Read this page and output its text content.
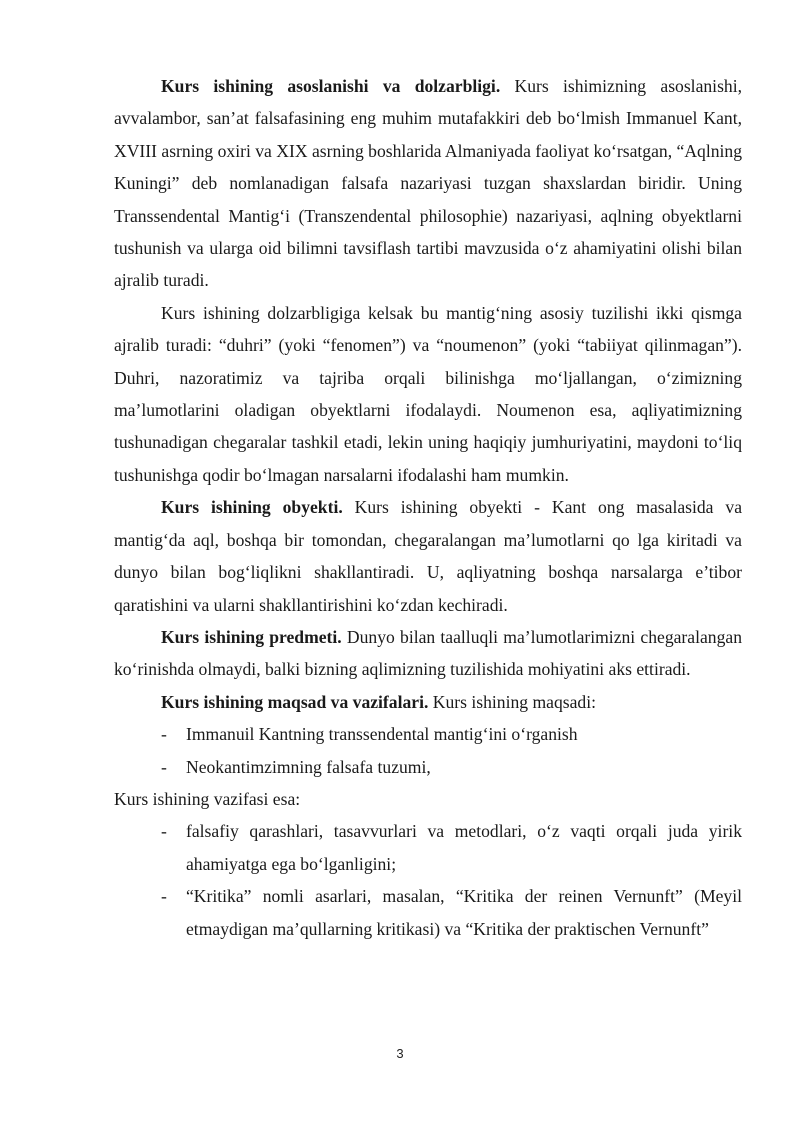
Kurs ishining asoslanishi va dolzarbligi. Kurs ishimizning asoslanishi, avvalambor, san’at falsafasining eng muhim mutafakkiri deb bo‘lmish Immanuel Kant, XVIII asrning oxiri va XIX asrning boshlarida Almaniyada faoliyat ko‘rsatgan, “Aqlning Kuningi” deb nomlanadigan falsafa nazariyasi tuzgan shaxslardan biridir. Uning Transsendental Mantig‘i (Transzendental philosophie) nazariyasi, aqlning obyektlarni tushunish va ularga oid bilimni tavsiflash tartibi mavzusida o‘z ahamiyatini olishi bilan ajralib turadi.

Kurs ishining dolzarbligiga kelsak bu mantig‘ning asosiy tuzilishi ikki qismga ajralib turadi: “duhri” (yoki “fenomen”) va “noumenon” (yoki “tabiiyat qilinmagan”). Duhri, nazoratimiz va tajriba orqali bilinishga mo‘ljallangan, o‘zimizning ma’lumotlarini oladigan obyektlarni ifodalaydi. Noumenon esa, aqliyatimizning tushunadigan chegaralar tashkil etadi, lekin uning haqiqiy jumhuriyatini, maydoni to‘liq tushunishga qodir bo‘lmagan narsalarni ifodalashi ham mumkin.

Kurs ishining obyekti. Kurs ishining obyekti - Kant ong masalasida va mantig‘da aql, boshqa bir tomondan, chegaralangan ma’lumotlarni qo lga kiritadi va dunyo bilan bog‘liqlikni shakllantiradi. U, aqliyatning boshqa narsalarga e’tibor qaratishini va ularni shakllantirishini ko‘zdan kechiradi.

Kurs ishining predmeti. Dunyo bilan taalluqli ma’lumotlarimizni chegaralangan ko‘rinishda olmaydi, balki bizning aqlimizning tuzilishida mohiyatini aks ettiradi.

Kurs ishining maqsad va vazifalari. Kurs ishining maqsadi:

- Immanuil Kantning transsendental mantig‘ini o‘rganish
- Neokantimzimning falsafa tuzumi,

Kurs ishining vazifasi esa:

- falsafiy qarashlari, tasavvurlari va metodlari, o‘z vaqti orqali juda yirik ahamiyatga ega bo‘lganligini;
- “Kritika” nomli asarlari, masalan, “Kritika der reinen Vernunft” (Meyil etmaydigan ma’qullarning kritikasi) va “Kritika der praktischen Vernunft”
3
